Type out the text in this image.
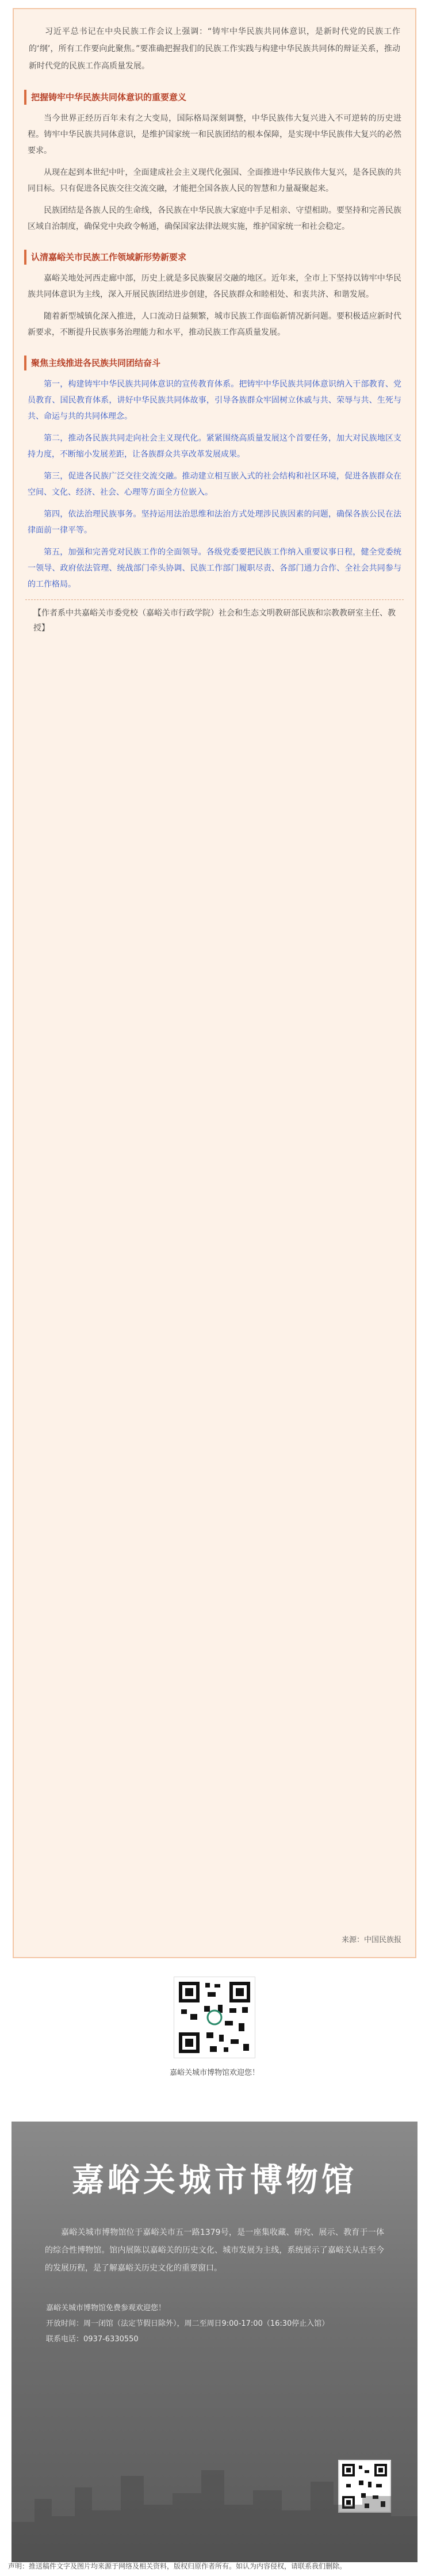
习近平总书记在中央民族工作会议上强调：“铸牢中华民族共同体意识，是新时代党的民族工作的‘纲’，所有工作要向此聚焦。”要准确把握我们的民族工作实践与构建中华民族共同体的辩证关系，推动新时代党的民族工作高质量发展。

把握铸牢中华民族共同体意识的重要意义

当今世界正经历百年未有之大变局，国际格局深刻调整，中华民族伟大复兴进入不可逆转的历史进程。铸牢中华民族共同体意识，是维护国家统一和民族团结的根本保障，是实现中华民族伟大复兴的必然要求。

从现在起到本世纪中叶，全面建成社会主义现代化强国、全面推进中华民族伟大复兴，是各民族的共同目标。只有促进各民族交往交流交融，才能把全国各族人民的智慧和力量凝聚起来。

民族团结是各族人民的生命线，各民族在中华民族大家庭中手足相亲、守望相助。要坚持和完善民族区域自治制度，确保党中央政令畅通，确保国家法律法规实施，维护国家统一和社会稳定。

认清嘉峪关市民族工作领域新形势新要求

嘉峪关地处河西走廊中部，历史上就是多民族聚居交融的地区。近年来，全市上下坚持以铸牢中华民族共同体意识为主线，深入开展民族团结进步创建，各民族群众和睦相处、和衷共济、和谐发展。

随着新型城镇化深入推进，人口流动日益频繁，城市民族工作面临新情况新问题。要积极适应新时代新要求，不断提升民族事务治理能力和水平，推动民族工作高质量发展。

聚焦主线推进各民族共同团结奋斗

第一，构建铸牢中华民族共同体意识的宣传教育体系。把铸牢中华民族共同体意识纳入干部教育、党员教育、国民教育体系，讲好中华民族共同体故事，引导各族群众牢固树立休戚与共、荣辱与共、生死与共、命运与共的共同体理念。

第二，推动各民族共同走向社会主义现代化。紧紧围绕高质量发展这个首要任务，加大对民族地区支持力度，不断缩小发展差距，让各族群众共享改革发展成果。

第三，促进各民族广泛交往交流交融。推动建立相互嵌入式的社会结构和社区环境，促进各族群众在空间、文化、经济、社会、心理等方面全方位嵌入。

第四，依法治理民族事务。坚持运用法治思维和法治方式处理涉民族因素的问题，确保各族公民在法律面前一律平等。

第五，加强和完善党对民族工作的全面领导。各级党委要把民族工作纳入重要议事日程，健全党委统一领导、政府依法管理、统战部门牵头协调、民族工作部门履职尽责、各部门通力合作、全社会共同参与的工作格局。

【作者系中共嘉峪关市委党校（嘉峪关市行政学院）社会和生态文明教研部民族和宗教教研室主任、教授】
来源：中国民族报
嘉峪关城市博物馆欢迎您！
嘉峪关城市博物馆

嘉峪关城市博物馆位于嘉峪关市五一路1379号，是一座集收藏、研究、展示、教育于一体的综合性博物馆。馆内展陈以嘉峪关的历史文化、城市发展为主线，系统展示了嘉峪关从古至今的发展历程，是了解嘉峪关历史文化的重要窗口。

嘉峪关城市博物馆免费参观欢迎您！
开放时间：周一闭馆（法定节假日除外），周二至周日9:00-17:00（16:30停止入馆）
联系电话：0937-6330550
声明：推送稿件文字及图片均来源于网络及相关资料，版权归原作者所有。如认为内容侵权，请联系我们删除。
